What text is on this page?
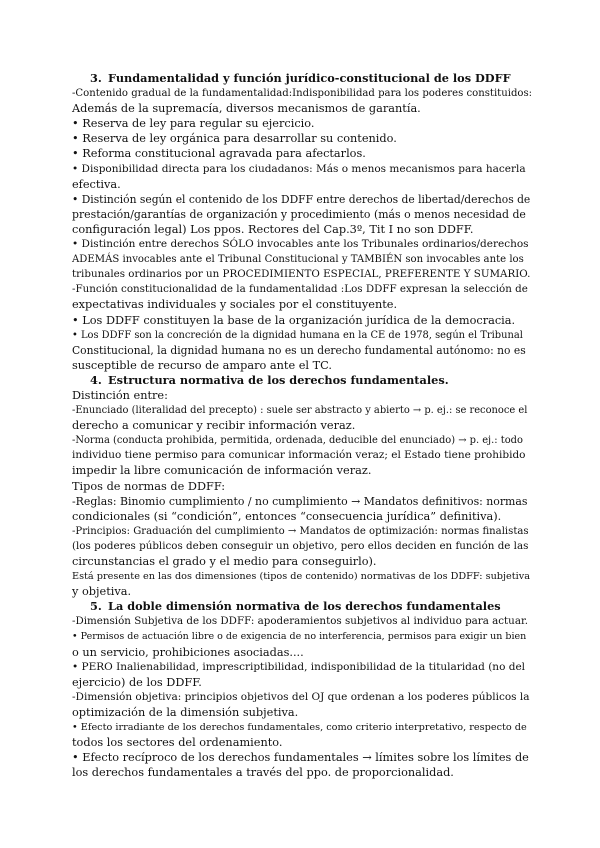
3. Fundamentalidad y función jurídico-constitucional de los DDFF
-Contenido gradual de la fundamentalidad:Indisponibilidad para los poderes constituidos:
Además de la supremacía, diversos mecanismos de garantía.
• Reserva de ley para regular su ejercicio.
• Reserva de ley orgánica para desarrollar su contenido.
• Reforma constitucional agravada para afectarlos.
• Disponibilidad directa para los ciudadanos: Más o menos mecanismos para hacerla
efectiva.
• Distinción según el contenido de los DDFF entre derechos de libertad/derechos de
prestación/garantías de organización y procedimiento (más o menos necesidad de
configuración legal) Los ppos. Rectores del Cap.3º, Tit I no son DDFF.
• Distinción entre derechos SÓLO invocables ante los Tribunales ordinarios/derechos
ADEMÁS invocables ante el Tribunal Constitucional y TAMBIÉN son invocables ante los
tribunales ordinarios por un PROCEDIMIENTO ESPECIAL, PREFERENTE Y SUMARIO.
-Función constitucionalidad de la fundamentalidad :Los DDFF expresan la selección de
expectativas individuales y sociales por el constituyente.
• Los DDFF constituyen la base de la organización jurídica de la democracia.
• Los DDFF son la concreción de la dignidad humana en la CE de 1978, según el Tribunal
Constitucional, la dignidad humana no es un derecho fundamental autónomo: no es
susceptible de recurso de amparo ante el TC.
4. Estructura normativa de los derechos fundamentales.
Distinción entre:
-Enunciado (literalidad del precepto) : suele ser abstracto y abierto → p. ej.: se reconoce el
derecho a comunicar y recibir información veraz.
-Norma (conducta prohibida, permitida, ordenada, deducible del enunciado) → p. ej.: todo
individuo tiene permiso para comunicar información veraz; el Estado tiene prohibido
impedir la libre comunicación de información veraz.
Tipos de normas de DDFF:
-Reglas: Binomio cumplimiento / no cumplimiento → Mandatos definitivos: normas
condicionales (si “condición”, entonces “consecuencia jurídica” definitiva).
-Principios: Graduación del cumplimiento → Mandatos de optimización: normas finalistas
(los poderes públicos deben conseguir un objetivo, pero ellos deciden en función de las
circunstancias el grado y el medio para conseguirlo).
Está presente en las dos dimensiones (tipos de contenido) normativas de los DDFF: subjetiva
y objetiva.
5. La doble dimensión normativa de los derechos fundamentales
-Dimensión Subjetiva de los DDFF: apoderamientos subjetivos al individuo para actuar.
• Permisos de actuación libre o de exigencia de no interferencia, permisos para exigir un bien
o un servicio, prohibiciones asociadas....
• PERO Inalienabilidad, imprescriptibilidad, indisponibilidad de la titularidad (no del
ejercicio) de los DDFF.
-Dimensión objetiva: principios objetivos del OJ que ordenan a los poderes públicos la
optimización de la dimensión subjetiva.
• Efecto irradiante de los derechos fundamentales, como criterio interpretativo, respecto de
todos los sectores del ordenamiento.
• Efecto recíproco de los derechos fundamentales → límites sobre los límites de
los derechos fundamentales a través del ppo. de proporcionalidad.
